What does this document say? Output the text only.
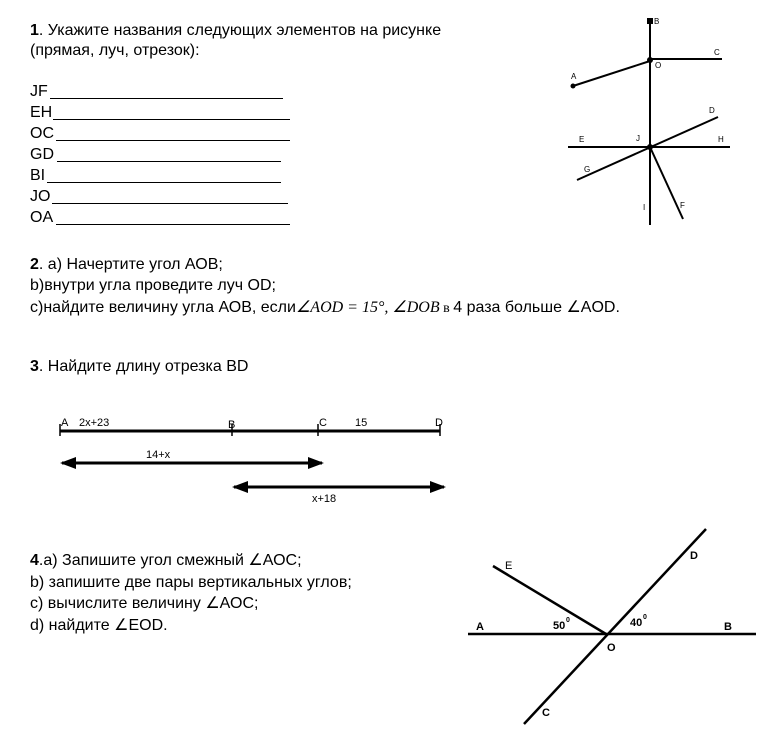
1. Укажите названия следующих элементов на рисунке
(прямая, луч, отрезок):
JF
EH
OC
GD
BI
JO
OA
2. а) Начертите угол АОВ;
b)внутри угла проведите луч OD;
c)найдите величину угла АОВ, если∠AOD = 15°, ∠DOB в 4 раза больше ∠AOD.
3. Найдите длину отрезка BD
4.а) Запишите угол смежный ∠АОС;
b) запишите две пары вертикальных углов;
c) вычислите величину ∠АОС;
d) найдите ∠EOD.
B
O
C
A
D
E	J	H
G
I	F
A 2x+23	B	C	15	D
14+x
x+18
A	B
C
D
E
O
50 0	40 0
